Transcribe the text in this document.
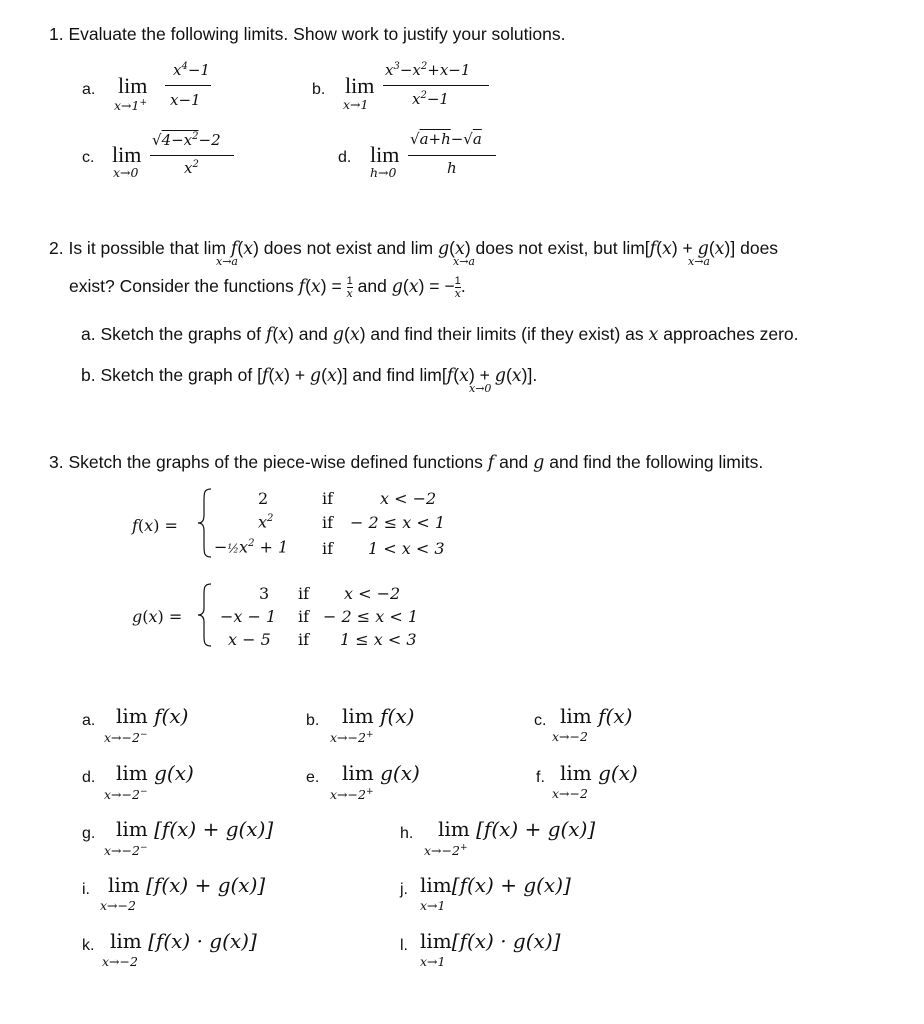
1. Evaluate the following limits. Show work to justify your solutions.
a. lim
x→1+
$x^4-1$
x−1
b. lim
x→1
$x^3-x^2+x-1$
$x^2-1$
c. lim
x→0
$√4-x^2-2$
$x^2$	d. lim
h→0
√a+h−√a
h
2. Is it possible that lim f(x) does not exist and lim g(x) does not exist, but lim[f(x) + g(x)] does
x→a	x→a	x→a
exist? Consider the functions $f(x) = \frac{1}{x}$ and g(x) = − $\frac{1}{x}$ .
a. Sketch the graphs of f(x) and g(x) and find their limits (if they exist) as x approaches zero.
b. Sketch the graph of [f(x) + g(x)] and find lim[f(x) + g(x)].
x→0
3. Sketch the graphs of the piece-wise defined functions f and g and find the following limits.
f(x) =
2	if	x < −2
$x^2$	if − 2 ≤ x < 1
$-\frac{1}{2}x^2 + 1$ if 1 < x < 3
g(x) =
3 if x < −2
−x − 1 if − 2 ≤ x < 1
x − 5 if 1 ≤ x < 3
a. lim f(x)
x→−2−
b. lim f(x)
x→−2+
c. lim f(x)
x→−2
d. lim g(x)
x→−2−
e. lim g(x)
x→−2+
f. lim g(x)
x→−2
g. lim [f(x) + g(x)]
x→−2−
h. lim [f(x) + g(x)]
x→−2+
i. lim [f(x) + g(x)]
x→−2
j. lim[f(x) + g(x)]
x→1
k. lim [f(x) · g(x)]
x→−2
l. lim[f(x) · g(x)]
x→1
